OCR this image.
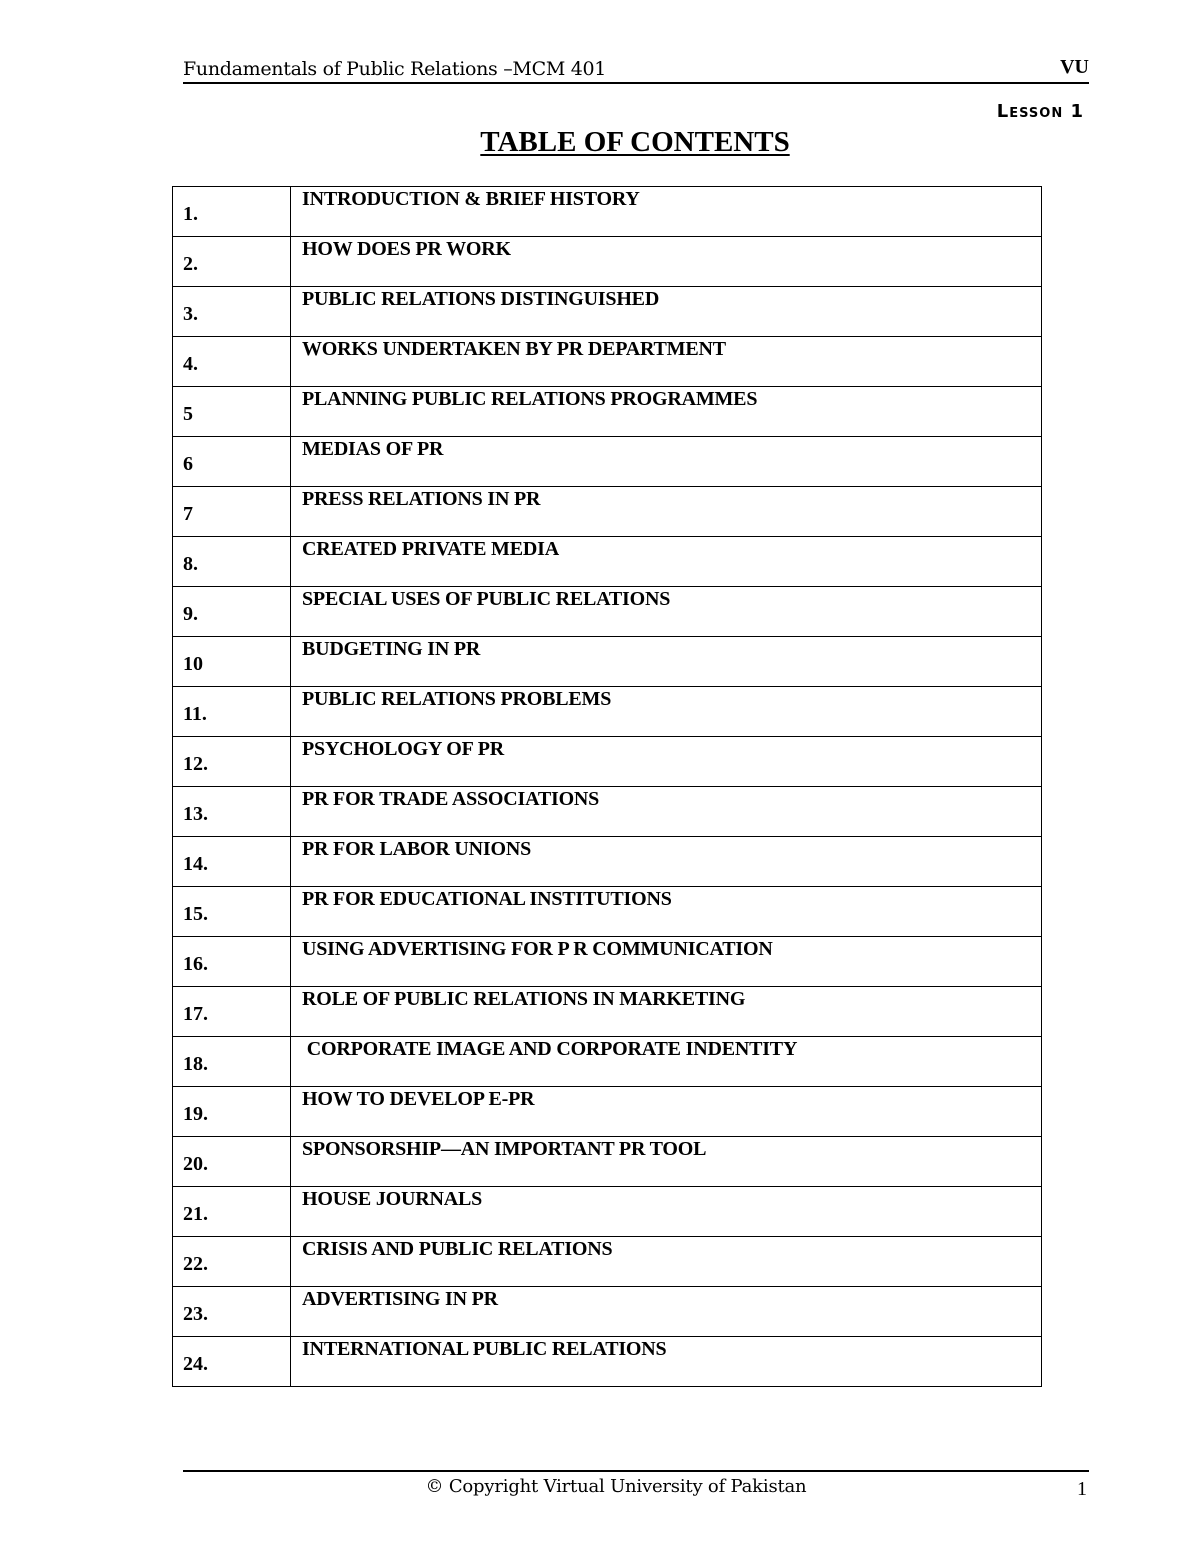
Fundamentals of Public Relations –MCM 401	VU
Lesson 1
TABLE OF CONTENTS
1.	INTRODUCTION & BRIEF HISTORY
2.	HOW DOES PR WORK
3.	PUBLIC RELATIONS DISTINGUISHED
4.	WORKS UNDERTAKEN BY PR DEPARTMENT
5	PLANNING PUBLIC RELATIONS PROGRAMMES
6	MEDIAS OF PR
7	PRESS RELATIONS IN PR
8.	CREATED PRIVATE MEDIA
9.	SPECIAL USES OF PUBLIC RELATIONS
10	BUDGETING IN PR
11.	PUBLIC RELATIONS PROBLEMS
12.	PSYCHOLOGY OF PR
13.	PR FOR TRADE ASSOCIATIONS
14.	PR FOR LABOR UNIONS
15.	PR FOR EDUCATIONAL INSTITUTIONS
16.	USING ADVERTISING FOR P R COMMUNICATION
17.	ROLE OF PUBLIC RELATIONS IN MARKETING
18.	CORPORATE IMAGE AND CORPORATE INDENTITY
19.	HOW TO DEVELOP E-PR
20.	SPONSORSHIP—AN IMPORTANT PR TOOL
21.	HOUSE JOURNALS
22.	CRISIS AND PUBLIC RELATIONS
23.	ADVERTISING IN PR
24.	INTERNATIONAL PUBLIC RELATIONS
© Copyright Virtual University of Pakistan	1
